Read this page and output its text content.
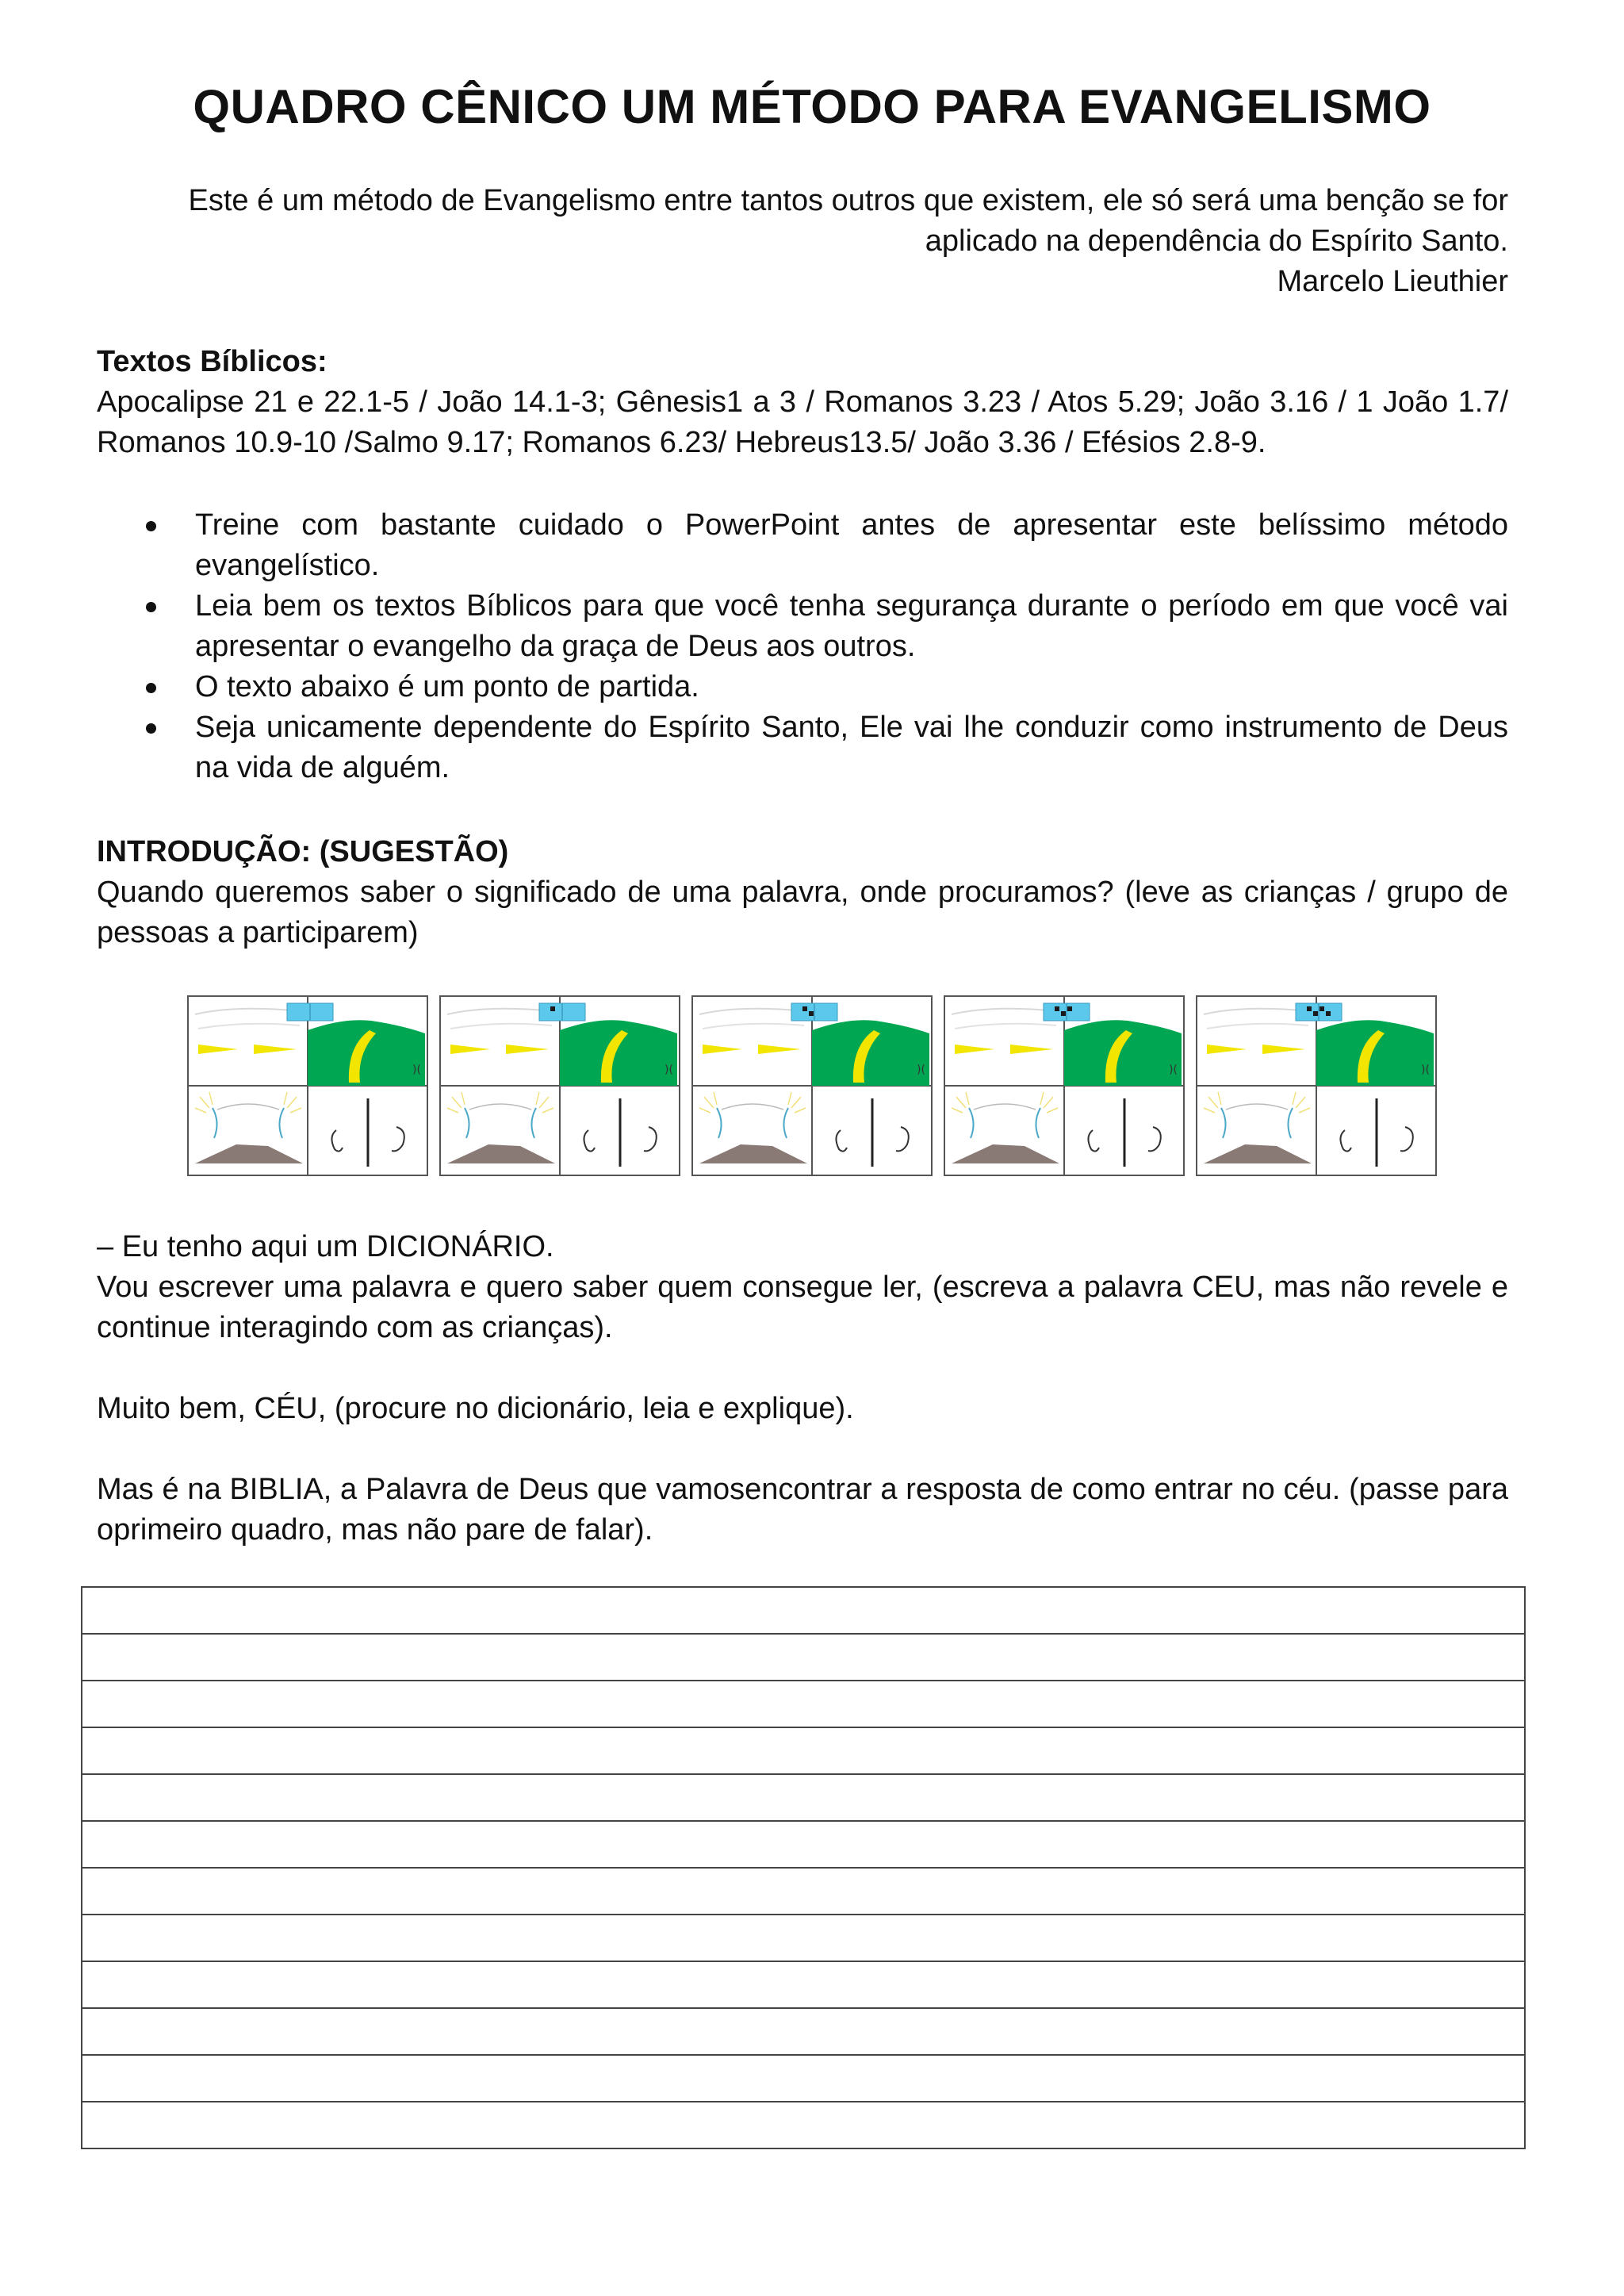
QUADRO CÊNICO UM MÉTODO PARA EVANGELISMO

Este é um método de Evangelismo entre tantos outros que existem, ele só será uma benção se for

aplicado na dependência do Espírito Santo.

Marcelo Lieuthier

Textos Bíblicos:

Apocalipse 21 e 22.1-5 / João 14.1-3; Gênesis1 a 3 / Romanos 3.23 / Atos 5.29; João 3.16 / 1 João 1.7/ Romanos 10.9-10 /Salmo 9.17; Romanos 6.23/ Hebreus13.5/ João 3.36 / Efésios 2.8-9.

Treine com bastante cuidado o PowerPoint antes de apresentar este belíssimo método evangelístico.
Leia bem os textos Bíblicos para que você tenha segurança durante o período em que você vai apresentar o evangelho da graça de Deus aos outros.
O texto abaixo é um ponto de partida.
Seja unicamente dependente do Espírito Santo, Ele vai lhe conduzir como instrumento de Deus na vida de alguém.

INTRODUÇÃO: (SUGESTÃO)

Quando queremos saber o significado de uma palavra, onde procuramos? (leve as crianças / grupo de pessoas a participarem)

)(	)(	)(	)(	)(

– Eu tenho aqui um DICIONÁRIO.

Vou escrever uma palavra e quero saber quem consegue ler, (escreva a palavra CEU, mas não revele e continue interagindo com as crianças).

Muito bem, CÉU, (procure no dicionário, leia e explique).

Mas é na BIBLIA, a Palavra de Deus que vamosencontrar a resposta de como entrar no céu. (passe para oprimeiro quadro, mas não pare de falar).
